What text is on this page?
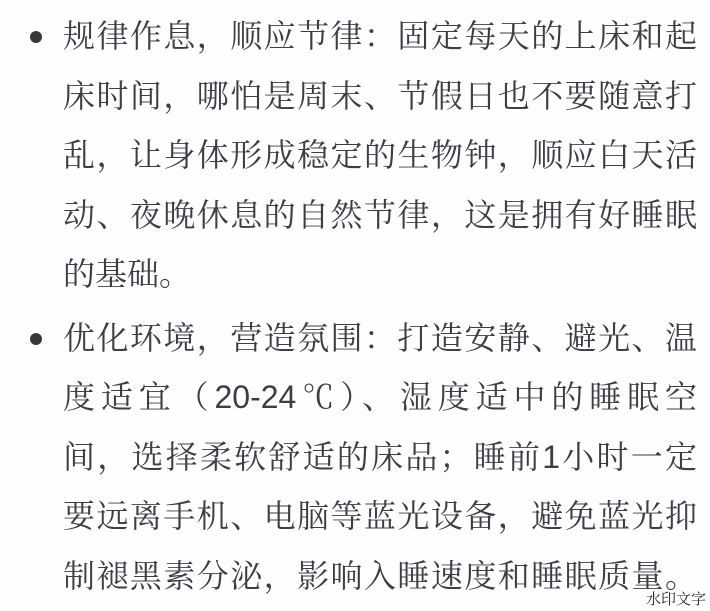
规律作息，顺应节律：固定每天的上床和起
床时间，哪怕是周末、节假日也不要随意打
乱，让身体形成稳定的生物钟，顺应白天活
动、夜晚休息的自然节律，这是拥有好睡眠
的基础。
优化环境，营造氛围：打造安静、避光、温
度适宜（20-24℃）、湿度适中的睡眠空
间，选择柔软舒适的床品；睡前1小时一定
要远离手机、电脑等蓝光设备，避免蓝光抑
制褪黑素分泌，影响入睡速度和睡眠质量。
水印文字
